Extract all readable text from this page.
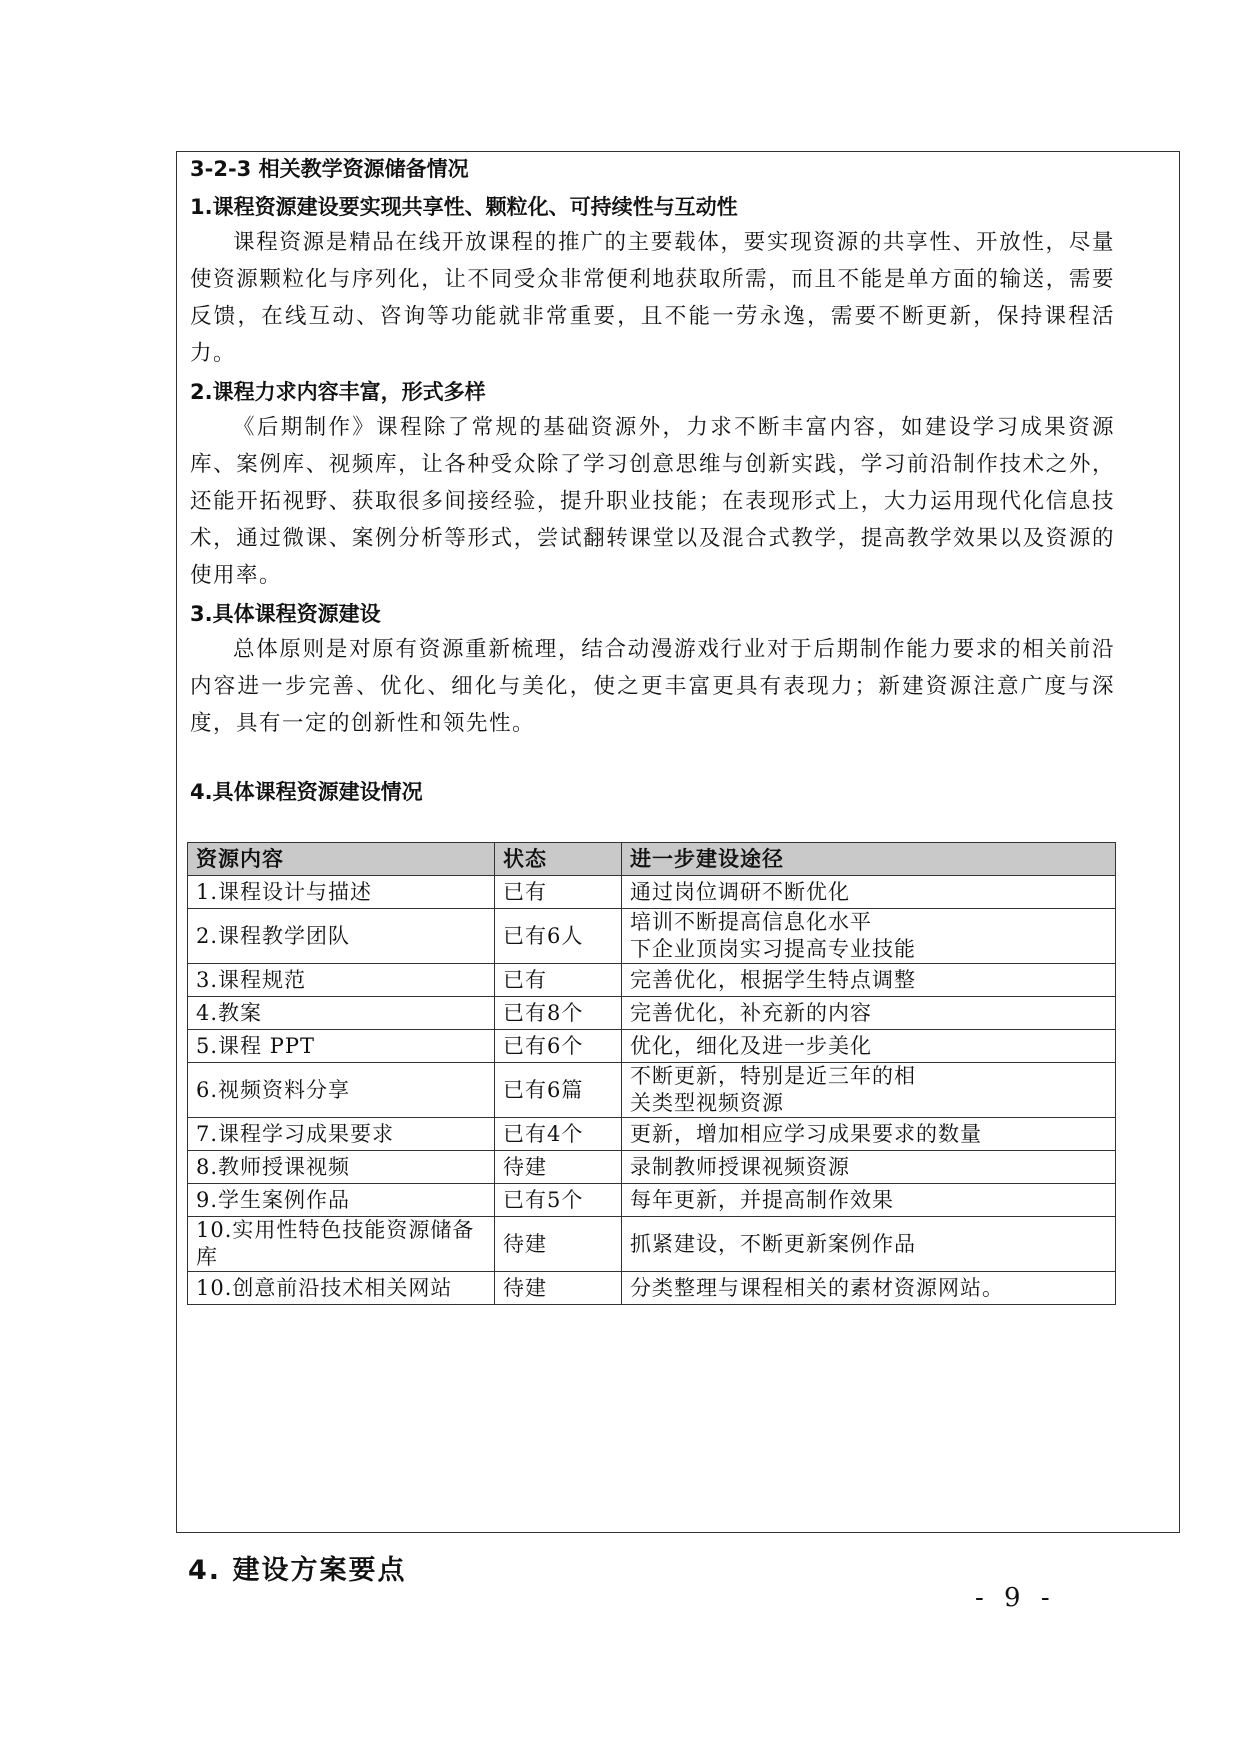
3-2-3 相关教学资源储备情况
1.课程资源建设要实现共享性、颗粒化、可持续性与互动性

课程资源是精品在线开放课程的推广的主要载体，要实现资源的共享性、开放性，尽量使资源颗粒化与序列化，让不同受众非常便利地获取所需，而且不能是单方面的输送，需要反馈，在线互动、咨询等功能就非常重要，且不能一劳永逸，需要不断更新，保持课程活力。

2.课程力求内容丰富，形式多样

《后期制作》课程除了常规的基础资源外，力求不断丰富内容，如建设学习成果资源库、案例库、视频库，让各种受众除了学习创意思维与创新实践，学习前沿制作技术之外，还能开拓视野、获取很多间接经验，提升职业技能；在表现形式上，大力运用现代化信息技术，通过微课、案例分析等形式，尝试翻转课堂以及混合式教学，提高教学效果以及资源的使用率。

3.具体课程资源建设

总体原则是对原有资源重新梳理，结合动漫游戏行业对于后期制作能力要求的相关前沿内容进一步完善、优化、细化与美化，使之更丰富更具有表现力；新建资源注意广度与深度，具有一定的创新性和领先性。

4.具体课程资源建设情况
资源内容	状态	进一步建设途径
1.课程设计与描述	已有	通过岗位调研不断优化
2.课程教学团队	已有6人	培训不断提高信息化水平
下企业顶岗实习提高专业技能
3.课程规范	已有	完善优化，根据学生特点调整
4.教案	已有8个	完善优化，补充新的内容
5.课程 PPT	已有6个	优化，细化及进一步美化
6.视频资料分享	已有6篇	不断更新，特别是近三年的相
关类型视频资源
7.课程学习成果要求	已有4个	更新，增加相应学习成果要求的数量
8.教师授课视频	待建	录制教师授课视频资源
9.学生案例作品	已有5个	每年更新，并提高制作效果
10.实用性特色技能资源储备库	待建	抓紧建设，不断更新案例作品
10.创意前沿技术相关网站	待建	分类整理与课程相关的素材资源网站。
4. 建设方案要点
- 9 -
